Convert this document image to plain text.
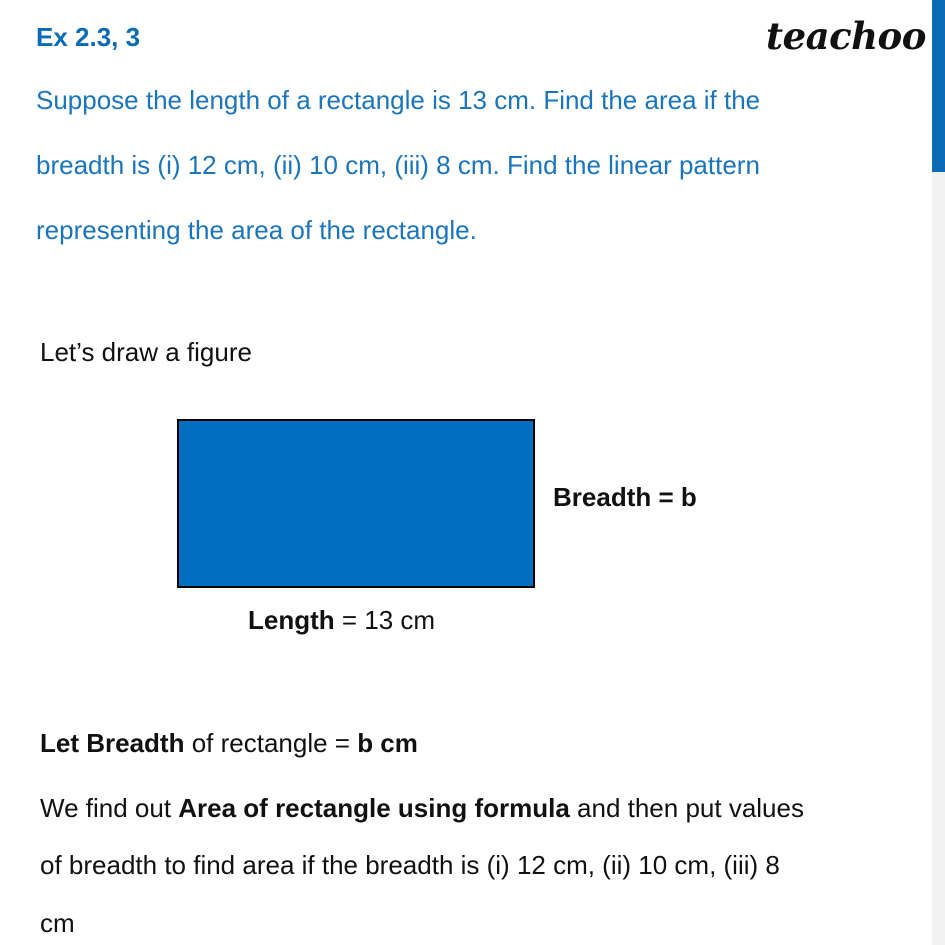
Ex 2.3, 3	teachoo
Suppose the length of a rectangle is 13 cm. Find the area if the
breadth is (i) 12 cm, (ii) 10 cm, (iii) 8 cm. Find the linear pattern
representing the area of the rectangle.
Let’s draw a figure
Breadth = b
Length = 13 cm
Let Breadth of rectangle = b cm
We find out Area of rectangle using formula and then put values
of breadth to find area if the breadth is (i) 12 cm, (ii) 10 cm, (iii) 8
cm
